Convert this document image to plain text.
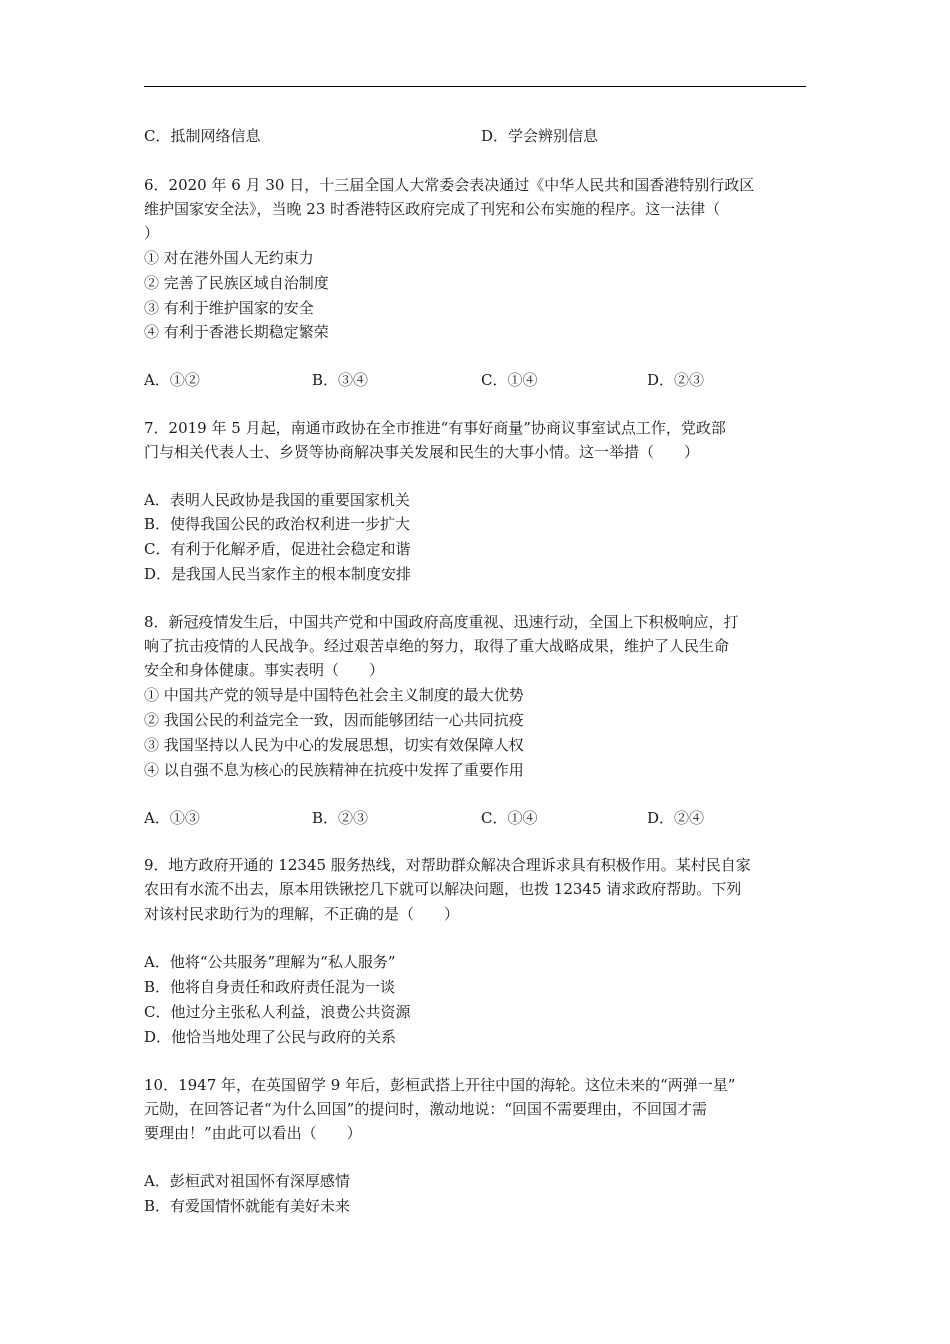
C．抵制网络信息	D．学会辨别信息
6．2020 年 6 月 30 日，十三届全国人大常委会表决通过《中华人民共和国香港特别行政区
维护国家安全法》，当晚 23 时香港特区政府完成了刊宪和公布实施的程序。这一法律（
）
① 对在港外国人无约束力
② 完善了民族区域自治制度
③ 有利于维护国家的安全
④ 有利于香港长期稳定繁荣
A．①②	B．③④	C．①④	D．②③
7．2019 年 5 月起，南通市政协在全市推进“有事好商量”协商议事室试点工作，党政部
门与相关代表人士、乡贤等协商解决事关发展和民生的大事小情。这一举措（　　）
A．表明人民政协是我国的重要国家机关
B．使得我国公民的政治权利进一步扩大
C．有利于化解矛盾，促进社会稳定和谐
D．是我国人民当家作主的根本制度安排
8．新冠疫情发生后，中国共产党和中国政府高度重视、迅速行动，全国上下积极响应，打
响了抗击疫情的人民战争。经过艰苦卓绝的努力，取得了重大战略成果，维护了人民生命
安全和身体健康。事实表明（　　）
① 中国共产党的领导是中国特色社会主义制度的最大优势
② 我国公民的利益完全一致，因而能够团结一心共同抗疫
③ 我国坚持以人民为中心的发展思想，切实有效保障人权
④ 以自强不息为核心的民族精神在抗疫中发挥了重要作用
A．①③	B．②③	C．①④	D．②④
9．地方政府开通的 12345 服务热线，对帮助群众解决合理诉求具有积极作用。某村民自家
农田有水流不出去，原本用铁锹挖几下就可以解决问题，也拨 12345 请求政府帮助。下列
对该村民求助行为的理解，不正确的是（　　）
A．他将“公共服务”理解为“私人服务”
B．他将自身责任和政府责任混为一谈
C．他过分主张私人利益，浪费公共资源
D．他恰当地处理了公民与政府的关系
10．1947 年，在英国留学 9 年后，彭桓武搭上开往中国的海轮。这位未来的“两弹一星”
元勋，在回答记者“为什么回国”的提问时，激动地说：“回国不需要理由，不回国才需
要理由！”由此可以看出（　　）
A．彭桓武对祖国怀有深厚感情
B．有爱国情怀就能有美好未来
